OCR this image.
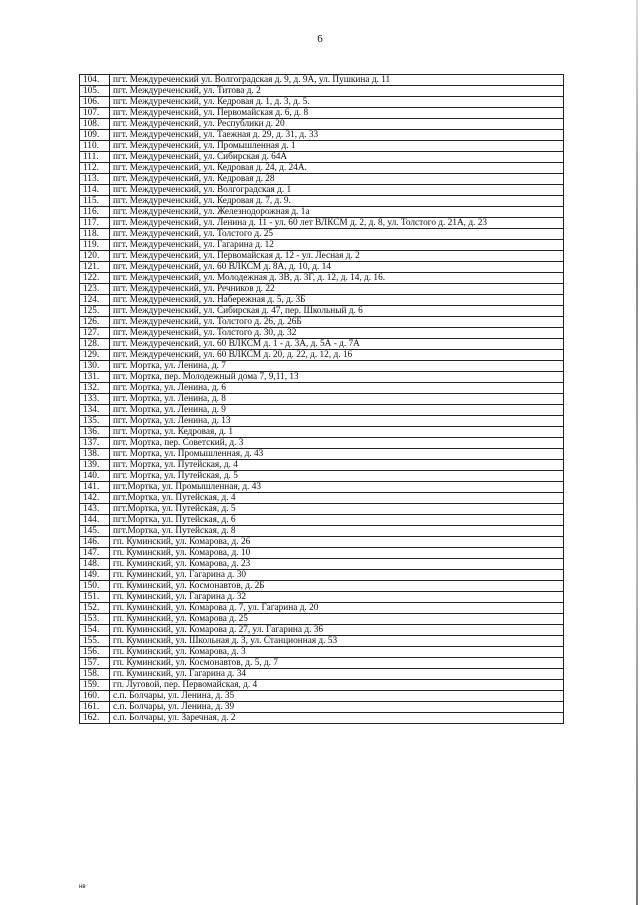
6
104.	пгт. Междуреченский ул. Волгоградская д. 9, д. 9А, ул. Пушкина д. 11
105.	пгт. Междуреченский, ул. Титова д. 2
106.	пгт. Междуреченский, ул. Кедровая д. 1, д. 3, д. 5.
107.	пгт. Междуреченский, ул. Первомайская д. 6, д. 8
108.	пгт. Междуреченский, ул. Республики д. 20
109.	пгт. Междуреченский, ул. Таежная д. 29, д. 31, д. 33
110.	пгт. Междуреченский, ул. Промышленная д. 1
111.	пгт. Междуреченский, ул. Сибирская д. 64А
112.	пгт. Междуреченский, ул. Кедровая д. 24, д. 24А.
113.	пгт. Междуреченский, ул. Кедровая д. 28
114.	пгт. Междуреченский, ул. Волгоградская д. 1
115.	пгт. Междуреченский, ул. Кедровая д. 7, д. 9.
116.	пгт. Междуреченский, ул. Железнодорожная д. 1а
117.	пгт. Междуреченский, ул. Ленина д. 11 - ул. 60 лет ВЛКСМ д. 2, д. 8, ул. Толстого д. 21А, д. 23
118.	пгт. Междуреченский, ул. Толстого д. 25
119.	пгт. Междуреченский, ул. Гагарина д. 12
120.	пгт. Междуреченский, ул. Первомайская д. 12 - ул. Лесная д. 2
121.	пгт. Междуреченский, ул. 60 ВЛКСМ д. 8А, д. 10, д. 14
122.	пгт. Междуреченский, ул. Молодежная д. 3В, д. 3Г, д. 12, д. 14, д. 16.
123.	пгт. Междуреченский, ул. Речников д. 22
124.	пгт. Междуреченский, ул. Набережная д. 5, д. 3Б
125.	пгт. Междуреченский, ул. Сибирская д. 47, пер. Школьный д. 6
126.	пгт. Междуреченский, ул. Толстого д. 26, д. 26Б
127.	пгт. Междуреченский, ул. Толстого д. 30, д. 32
128.	пгт. Междуреченский, ул. 60 ВЛКСМ д. 1 - д. 3А, д. 5А - д. 7А
129.	пгт. Междуреченский, ул. 60 ВЛКСМ д. 20, д. 22, д. 12, д. 16
130.	пгт. Мортка, ул. Ленина, д. 7
131.	пгт. Мортка, пер. Молодежный дома 7, 9,11, 13
132.	пгт. Мортка, ул. Ленина, д. 6
133.	пгт. Мортка, ул. Ленина, д. 8
134.	пгт. Мортка, ул. Ленина, д. 9
135.	пгт. Мортка, ул. Ленина, д. 13
136.	пгт. Мортка, ул. Кедровая, д. 1
137.	пгт. Мортка, пер. Советский, д. 3
138.	пгт. Мортка, ул. Промышленная, д. 43
139.	пгт. Мортка, ул. Путейская, д. 4
140.	пгт. Мортка, ул. Путейская, д. 5
141.	пгт.Мортка, ул. Промышленная, д. 43
142.	пгт.Мортка, ул. Путейская, д. 4
143.	пгт.Мортка, ул. Путейская, д. 5
144.	пгт.Мортка, ул. Путейская, д. 6
145.	пгт.Мортка, ул. Путейская, д. 8
146.	гп. Куминский, ул. Комарова, д. 26
147.	гп. Куминский, ул. Комарова, д. 10
148.	гп. Куминский, ул. Комарова, д. 23
149.	гп. Куминский, ул. Гагарина д. 30
150.	гп. Куминский, ул. Космонавтов, д. 2Б
151.	гп. Куминский, ул. Гагарина д. 32
152.	гп. Куминский, ул. Комарова д. 7, ул. Гагарина д. 20
153.	гп. Куминский, ул. Комарова д. 25
154.	гп. Куминский, ул. Комарова д. 27, ул. Гагарина д. 36
155.	гп. Куминский, ул. Школьная д. 3, ул. Станционная д. 53
156.	гп. Куминский, ул. Комарова, д. 3
157.	гп. Куминский, ул. Космонавтов, д. 5, д. 7
158.	гп. Куминский, ул. Гагарина д. 34
159.	гп. Луговой, пер. Первомайская, д. 4
160.	с.п. Болчары, ул. Ленина, д. 35
161.	с.п. Болчары, ул. Ленина, д. 39
162.	с.п. Болчары, ул. Заречная, д. 2
нв
